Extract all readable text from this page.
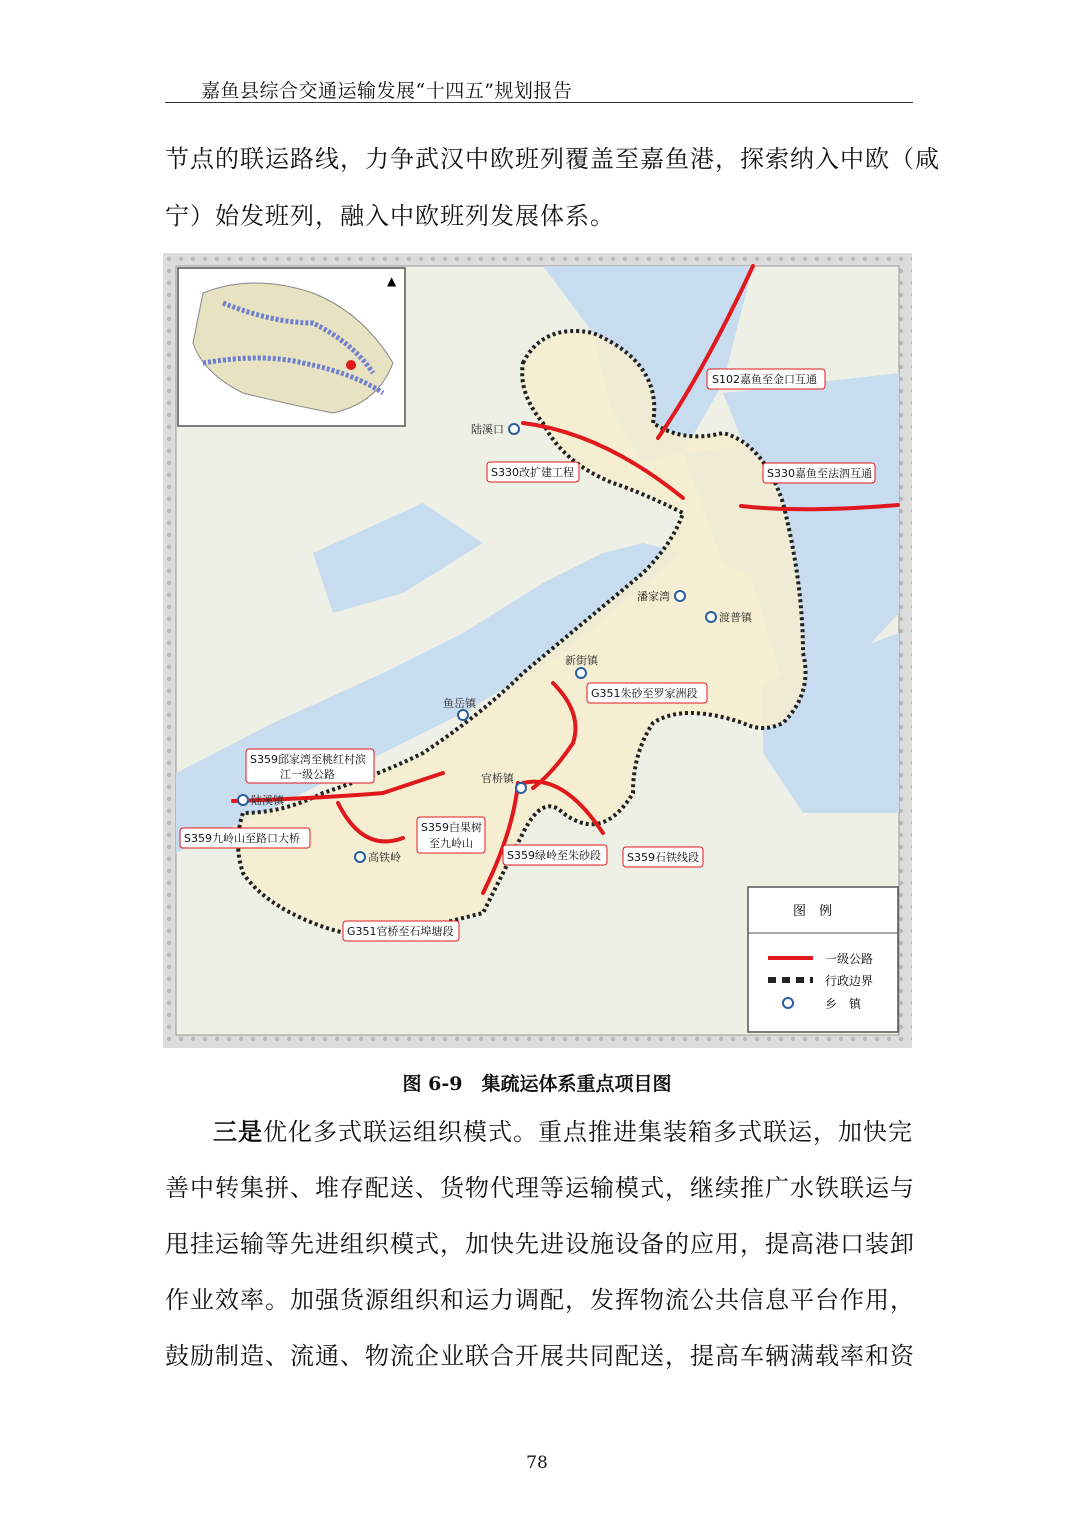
嘉鱼县综合交通运输发展“十四五”规划报告
节点的联运路线，力争武汉中欧班列覆盖至嘉鱼港，探索纳入中欧（咸
宁）始发班列，融入中欧班列发展体系。
▲
陆溪口
潘家湾
渡普镇
新街镇
鱼岳镇
官桥镇
陆溪镇
高铁岭
S102嘉鱼至金口互通
S330嘉鱼至法泗互通
S330改扩建工程
G351朱砂至罗家洲段
S359邱家湾至桃红村滨
江一级公路
S359九岭山至路口大桥
S359白果树
至九岭山
S359绿岭至朱砂段 S359石铁线段
G351官桥至石埠塘段
图　例
一级公路
行政边界
乡　镇
图 6-9　集疏运体系重点项目图
三是优化多式联运组织模式。重点推进集装箱多式联运，加快完
善中转集拼、堆存配送、货物代理等运输模式，继续推广水铁联运与
甩挂运输等先进组织模式，加快先进设施设备的应用，提高港口装卸
作业效率。加强货源组织和运力调配，发挥物流公共信息平台作用，
鼓励制造、流通、物流企业联合开展共同配送，提高车辆满载率和资
78
